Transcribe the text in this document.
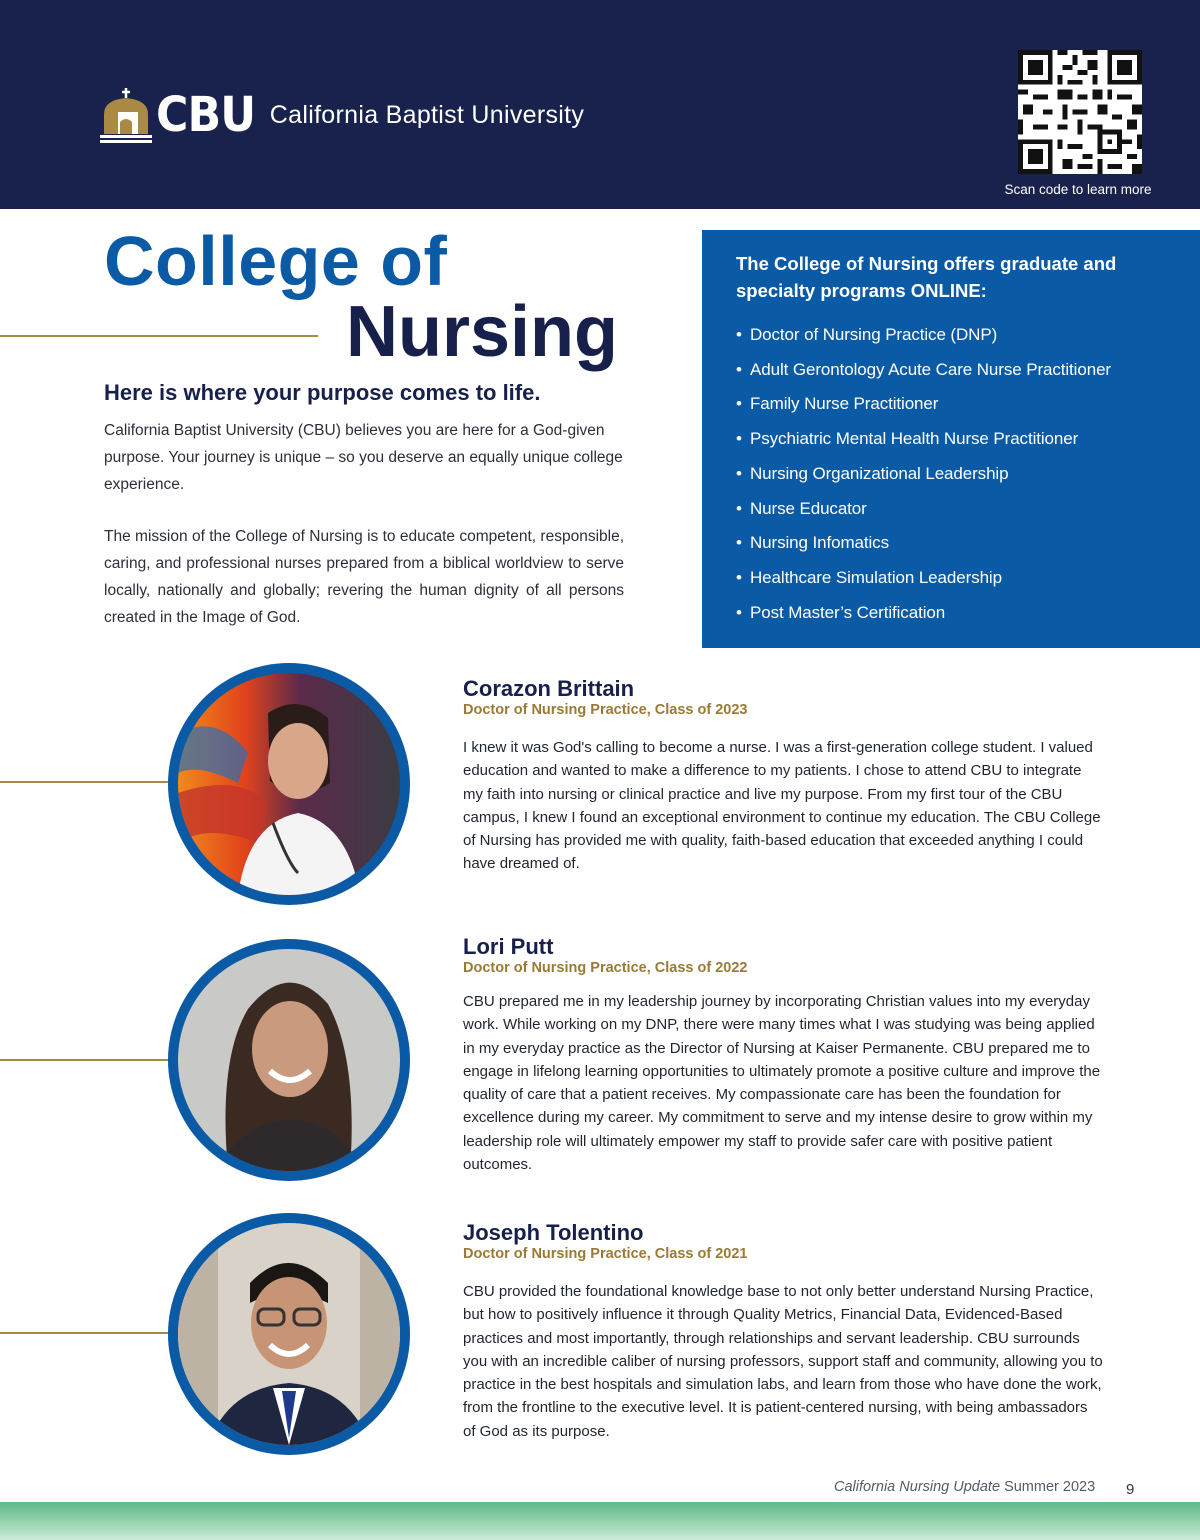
CBU California Baptist University
Scan code to learn more
College of
Nursing
Here is where your purpose comes to life.

California Baptist University (CBU) believes you are here for a God-given purpose. Your journey is unique – so you deserve an equally unique college experience.

The mission of the College of Nursing is to educate competent, responsible, caring, and professional nurses prepared from a biblical worldview to serve locally, nationally and globally; revering the human dignity of all persons created in the Image of God.

The College of Nursing offers graduate and specialty programs ONLINE:

• Doctor of Nursing Practice (DNP)
• Adult Gerontology Acute Care Nurse Practitioner
• Family Nurse Practitioner
• Psychiatric Mental Health Nurse Practitioner
• Nursing Organizational Leadership
• Nurse Educator
• Nursing Infomatics
• Healthcare Simulation Leadership
• Post Master’s Certification
Corazon Brittain
Doctor of Nursing Practice, Class of 2023

I knew it was God's calling to become a nurse. I was a first-generation college student. I valued education and wanted to make a difference to my patients. I chose to attend CBU to integrate my faith into nursing or clinical practice and live my purpose. From my first tour of the CBU campus, I knew I found an exceptional environment to continue my education. The CBU College of Nursing has provided me with quality, faith-based education that exceeded anything I could have dreamed of.

Lori Putt
Doctor of Nursing Practice, Class of 2022

CBU prepared me in my leadership journey by incorporating Christian values into my everyday work. While working on my DNP, there were many times what I was studying was being applied in my everyday practice as the Director of Nursing at Kaiser Permanente. CBU prepared me to engage in lifelong learning opportunities to ultimately promote a positive culture and improve the quality of care that a patient receives. My compassionate care has been the foundation for excellence during my career. My commitment to serve and my intense desire to grow within my leadership role will ultimately empower my staff to provide safer care with positive patient outcomes.

Joseph Tolentino
Doctor of Nursing Practice, Class of 2021

CBU provided the foundational knowledge base to not only better understand Nursing Practice, but how to positively influence it through Quality Metrics, Financial Data, Evidenced-Based practices and most importantly, through relationships and servant leadership. CBU surrounds you with an incredible caliber of nursing professors, support staff and community, allowing you to practice in the best hospitals and simulation labs, and learn from those who have done the work, from the frontline to the executive level. It is patient-centered nursing, with being ambassadors of God as its purpose.

California Nursing Update Summer 2023 9
